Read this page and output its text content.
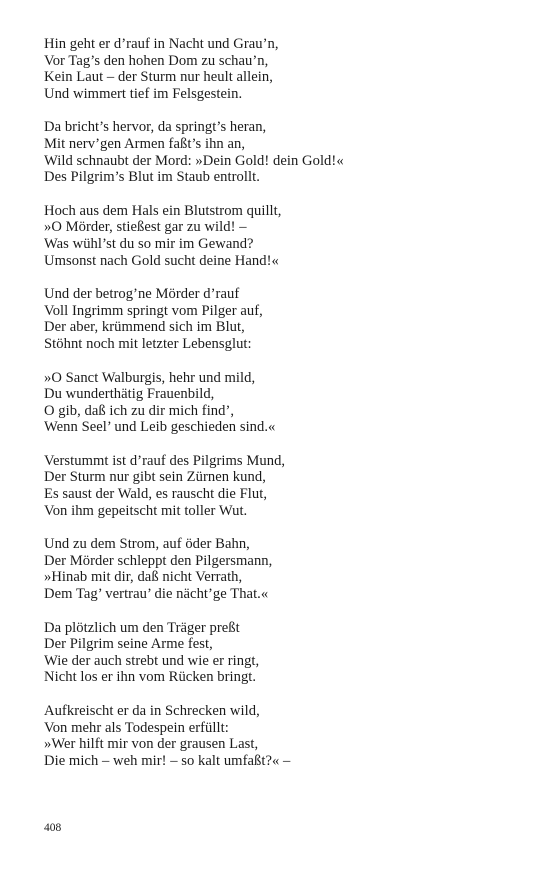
Hin geht er d’rauf in Nacht und Grau’n,
Vor Tag’s den hohen Dom zu schau’n,
Kein Laut – der Sturm nur heult allein,
Und wimmert tief im Felsgestein.
Da bricht’s hervor, da springt’s heran,
Mit nerv’gen Armen faßt’s ihn an,
Wild schnaubt der Mord: »Dein Gold! dein Gold!«
Des Pilgrim’s Blut im Staub entrollt.
Hoch aus dem Hals ein Blutstrom quillt,
»O Mörder, stießest gar zu wild! –
Was wühl’st du so mir im Gewand?
Umsonst nach Gold sucht deine Hand!«
Und der betrog’ne Mörder d’rauf
Voll Ingrimm springt vom Pilger auf,
Der aber, krümmend sich im Blut,
Stöhnt noch mit letzter Lebensglut:
»O Sanct Walburgis, hehr und mild,
Du wunderthätig Frauenbild,
O gib, daß ich zu dir mich find’,
Wenn Seel’ und Leib geschieden sind.«
Verstummt ist d’rauf des Pilgrims Mund,
Der Sturm nur gibt sein Zürnen kund,
Es saust der Wald, es rauscht die Flut,
Von ihm gepeitscht mit toller Wut.
Und zu dem Strom, auf öder Bahn,
Der Mörder schleppt den Pilgersmann,
»Hinab mit dir, daß nicht Verrath,
Dem Tag’ vertrau’ die nächt’ge That.«
Da plötzlich um den Träger preßt
Der Pilgrim seine Arme fest,
Wie der auch strebt und wie er ringt,
Nicht los er ihn vom Rücken bringt.
Aufkreischt er da in Schrecken wild,
Von mehr als Todespein erfüllt:
»Wer hilft mir von der grausen Last,
Die mich – weh mir! – so kalt umfaßt?« –
408
